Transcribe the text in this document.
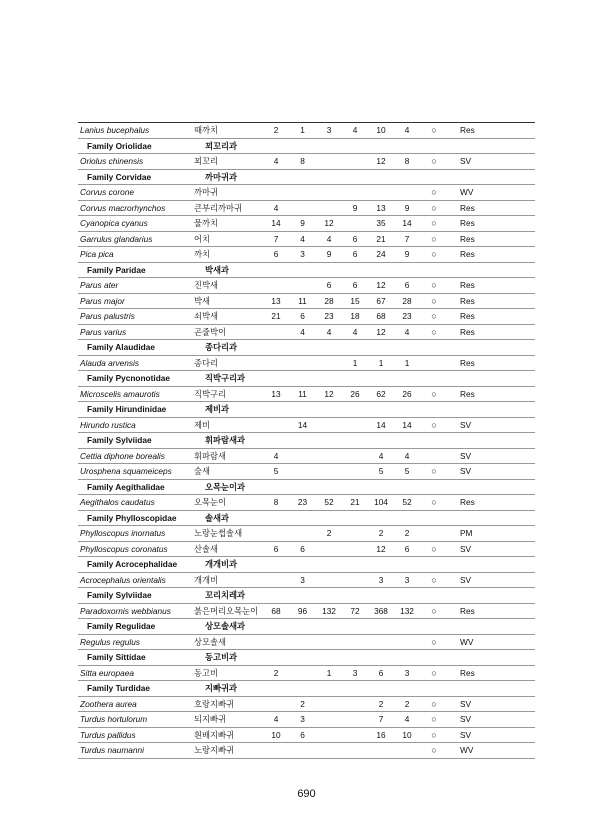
Lanius bucephalus	때까치	2	1	3	4	10	4	○	Res
Family Oriolidae	꾀꼬리과								
Oriolus chinensis	꾀꼬리	4	8			12	8	○	SV
Family Corvidae	까마귀과								
Corvus corone	까마귀							○	WV
Corvus macrorhynchos	큰부리까마귀	4			9	13	9	○	Res
Cyanopica cyanus	물까치	14	9	12		35	14	○	Res
Garrulus glandarius	어치	7	4	4	6	21	7	○	Res
Pica pica	까치	6	3	9	6	24	9	○	Res
Family Paridae	박새과								
Parus ater	진박새			6	6	12	6	○	Res
Parus major	박새	13	11	28	15	67	28	○	Res
Parus palustris	쇠박새	21	6	23	18	68	23	○	Res
Parus varius	곤줄박이		4	4	4	12	4	○	Res
Family Alaudidae	종다리과								
Alauda arvensis	종다리				1	1	1		Res
Family Pycnonotidae	직박구리과								
Microscelis amaurotis	직박구리	13	11	12	26	62	26	○	Res
Family Hirundinidae	제비과								
Hirundo rustica	제비		14			14	14	○	SV
Family Sylviidae	휘파람새과								
Cettia diphone borealis	휘파람새	4				4	4		SV
Urosphena squameiceps	숲새	5				5	5	○	SV
Family Aegithalidae	오목눈이과								
Aegithalos caudatus	오목눈이	8	23	52	21	104	52	○	Res
Family Phylloscopidae	솔새과								
Phylloscopus inornatus	노랑눈썹솔새			2		2	2		PM
Phylloscopus coronatus	산솔새	6	6			12	6	○	SV
Family Acrocephalidae	개개비과								
Acrocephalus orientalis	개개비		3			3	3	○	SV
Family Sylviidae	꼬리치레과								
Paradoxornis webbianus	붉은머리오목눈이	68	96	132	72	368	132	○	Res
Family Regulidae	상모솔새과								
Regulus regulus	상모솔새							○	WV
Family Sittidae	동고비과								
Sitta europaea	동고비	2		1	3	6	3	○	Res
Family Turdidae	지빠귀과								
Zoothera aurea	호랑지빠귀		2			2	2	○	SV
Turdus hortulorum	되지빠귀	4	3			7	4	○	SV
Turdus pallidus	흰배지빠귀	10	6			16	10	○	SV
Turdus naumanni	노랑지빠귀							○	WV
690
